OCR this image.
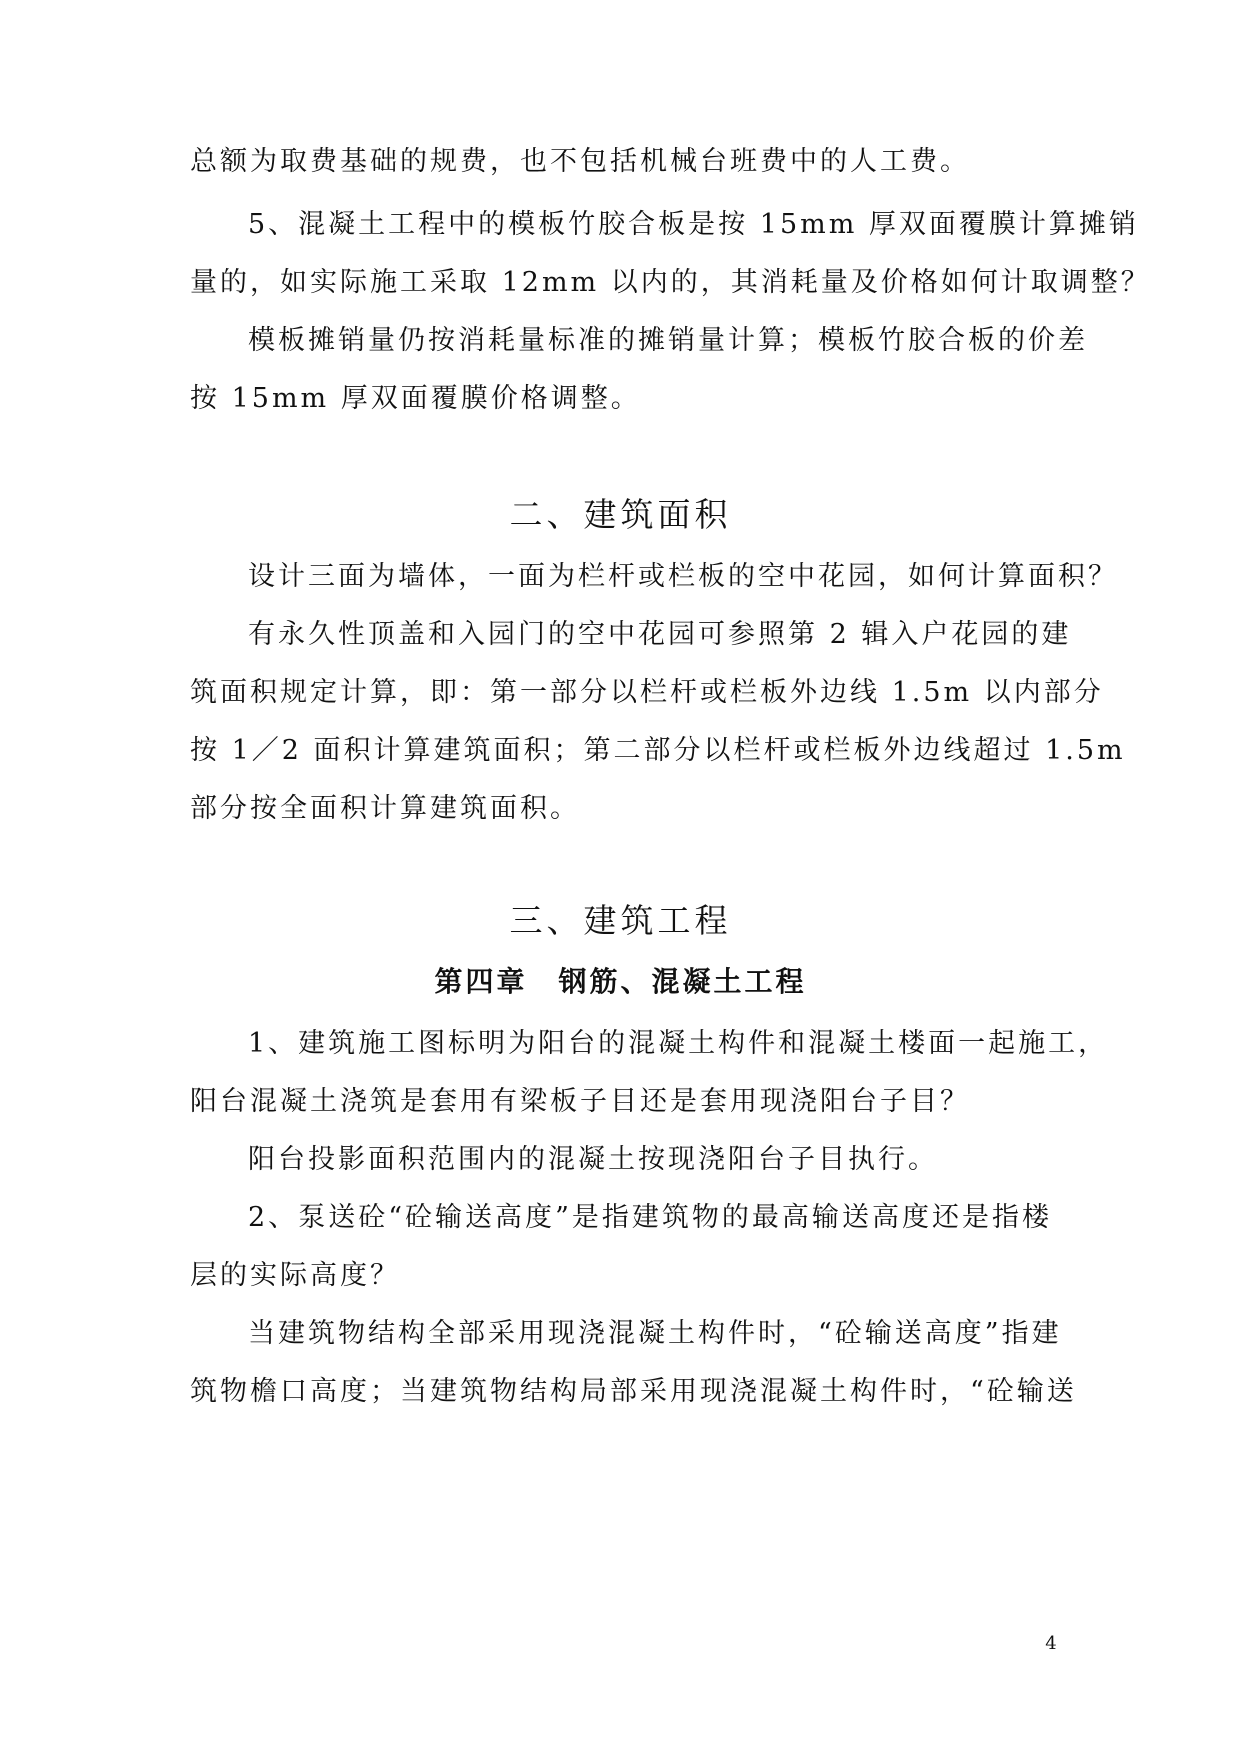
总额为取费基础的规费，也不包括机械台班费中的人工费。
5、混凝土工程中的模板竹胶合板是按 15mm 厚双面覆膜计算摊销
量的，如实际施工采取 12mm 以内的，其消耗量及价格如何计取调整？
模板摊销量仍按消耗量标准的摊销量计算；模板竹胶合板的价差
按 15mm 厚双面覆膜价格调整。
二、建筑面积
设计三面为墙体，一面为栏杆或栏板的空中花园，如何计算面积？
有永久性顶盖和入园门的空中花园可参照第 2 辑入户花园的建
筑面积规定计算，即：第一部分以栏杆或栏板外边线 1.5m 以内部分
按 1／2 面积计算建筑面积；第二部分以栏杆或栏板外边线超过 1.5m
部分按全面积计算建筑面积。
三、建筑工程
第四章　钢筋、混凝土工程
1、建筑施工图标明为阳台的混凝土构件和混凝土楼面一起施工，
阳台混凝土浇筑是套用有梁板子目还是套用现浇阳台子目？
阳台投影面积范围内的混凝土按现浇阳台子目执行。
2、泵送砼“砼输送高度”是指建筑物的最高输送高度还是指楼
层的实际高度？
当建筑物结构全部采用现浇混凝土构件时，“砼输送高度”指建
筑物檐口高度；当建筑物结构局部采用现浇混凝土构件时，“砼输送
4
